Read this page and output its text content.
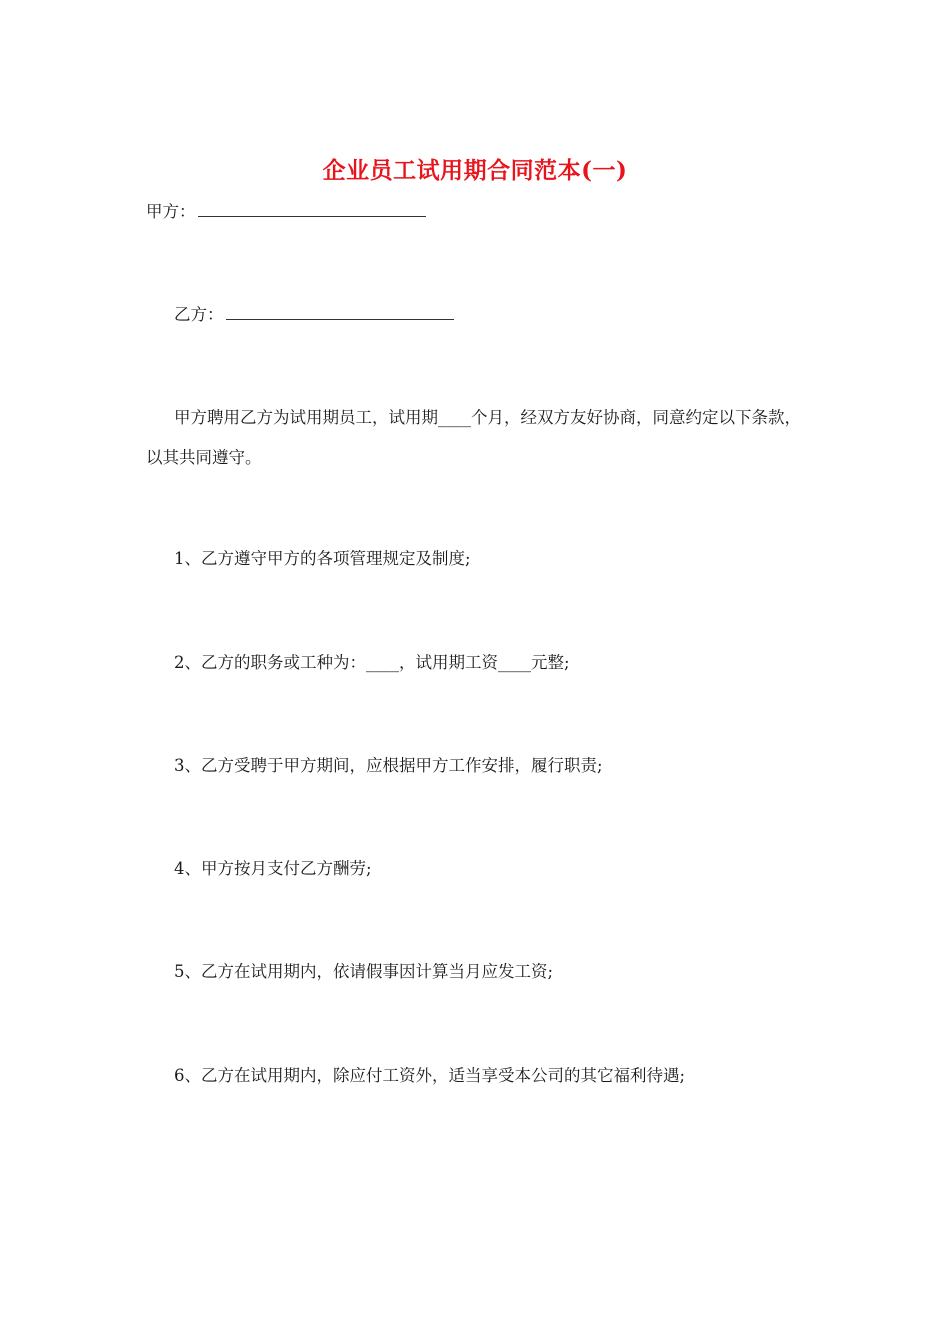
企业员工试用期合同范本(一)
甲方：
乙方：
甲方聘用乙方为试用期员工，试用期____个月，经双方友好协商，同意约定以下条款，以其共同遵守。
1、乙方遵守甲方的各项管理规定及制度;
2、乙方的职务或工种为：____，试用期工资____元整;
3、乙方受聘于甲方期间，应根据甲方工作安排，履行职责;
4、甲方按月支付乙方酬劳;
5、乙方在试用期内，依请假事因计算当月应发工资;
6、乙方在试用期内，除应付工资外，适当享受本公司的其它福利待遇;
